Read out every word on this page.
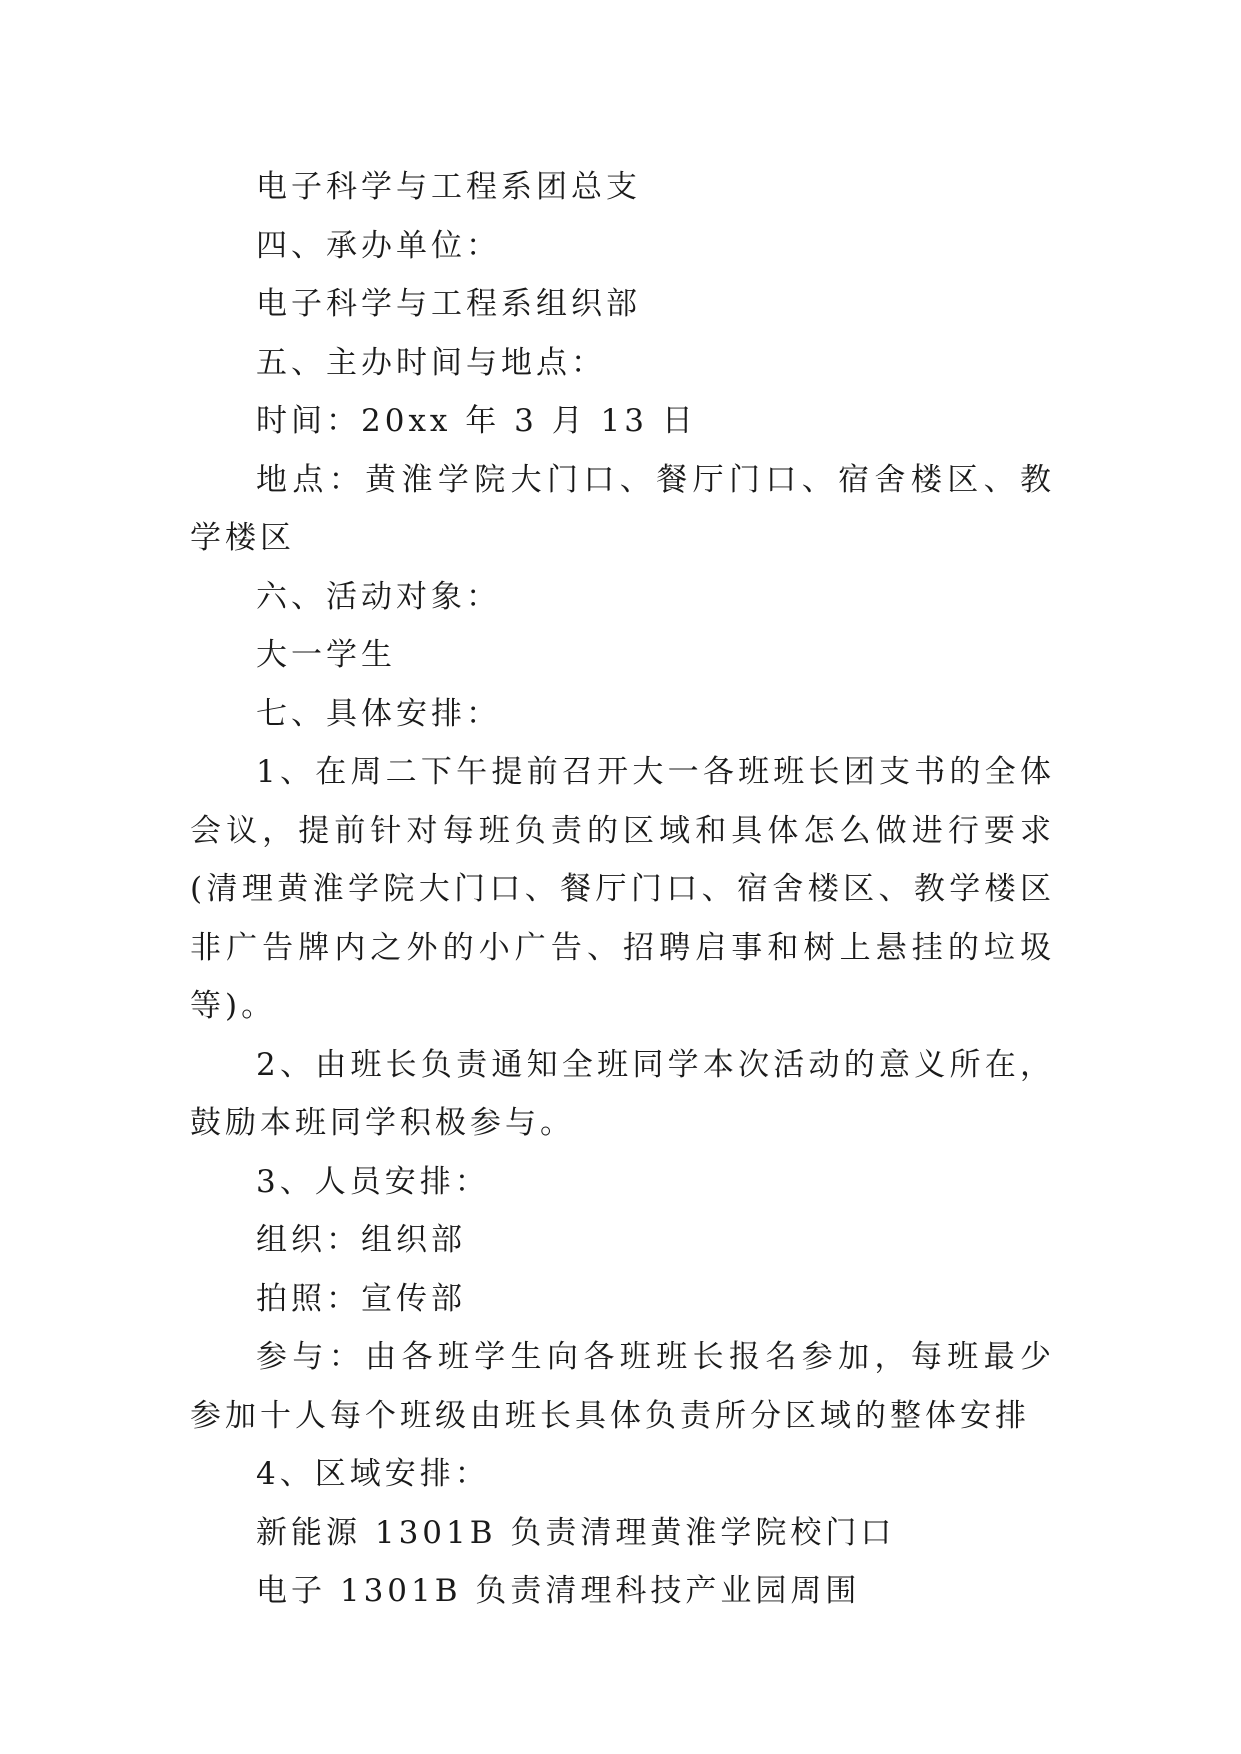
电子科学与工程系团总支

四、承办单位：

电子科学与工程系组织部

五、主办时间与地点：

时间：20xx 年 3 月 13 日

地点：黄淮学院大门口、餐厅门口、宿舍楼区、教学楼区

六、活动对象：

大一学生

七、具体安排：

1、在周二下午提前召开大一各班班长团支书的全体会议，提前针对每班负责的区域和具体怎么做进行要求(清理黄淮学院大门口、餐厅门口、宿舍楼区、教学楼区非广告牌内之外的小广告、招聘启事和树上悬挂的垃圾等)。

2、由班长负责通知全班同学本次活动的意义所在，鼓励本班同学积极参与。

3、人员安排：

组织：组织部

拍照：宣传部

参与：由各班学生向各班班长报名参加，每班最少参加十人每个班级由班长具体负责所分区域的整体安排

4、区域安排：

新能源 1301B 负责清理黄淮学院校门口

电子 1301B 负责清理科技产业园周围
